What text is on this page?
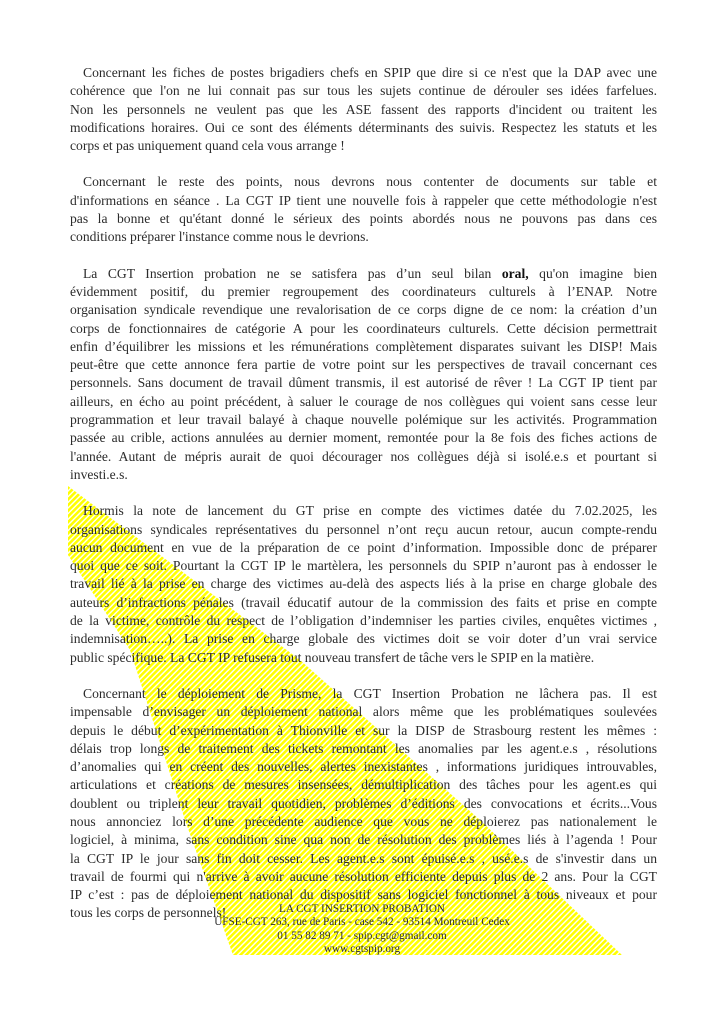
Concernant les fiches de postes brigadiers chefs en SPIP que dire si ce n'est que la DAP avec une
cohérence que l'on ne lui connait pas sur tous les sujets continue de dérouler ses idées farfelues.
Non les personnels ne veulent pas que les ASE fassent des rapports d'incident ou traitent les
modifications horaires. Oui ce sont des éléments déterminants des suivis. Respectez les statuts et les
corps et pas uniquement quand cela vous arrange !
Concernant le reste des points, nous devrons nous contenter de documents sur table et
d'informations en séance . La CGT IP tient une nouvelle fois à rappeler que cette méthodologie n'est
pas la bonne et qu'étant donné le sérieux des points abordés nous ne pouvons pas dans ces
conditions préparer l'instance comme nous le devrions.
La CGT Insertion probation ne se satisfera pas d’un seul bilan oral, qu'on imagine bien
évidemment positif, du premier regroupement des coordinateurs culturels à l’ENAP. Notre
organisation syndicale revendique une revalorisation de ce corps digne de ce nom: la création d’un
corps de fonctionnaires de catégorie A pour les coordinateurs culturels. Cette décision permettrait
enfin d’équilibrer les missions et les rémunérations complètement disparates suivant les DISP! Mais
peut-être que cette annonce fera partie de votre point sur les perspectives de travail concernant ces
personnels. Sans document de travail dûment transmis, il est autorisé de rêver ! La CGT IP tient par
ailleurs, en écho au point précédent, à saluer le courage de nos collègues qui voient sans cesse leur
programmation et leur travail balayé à chaque nouvelle polémique sur les activités. Programmation
passée au crible, actions annulées au dernier moment, remontée pour la 8e fois des fiches actions de
l'année. Autant de mépris aurait de quoi décourager nos collègues déjà si isolé.e.s et pourtant si
investi.e.s.
Hormis la note de lancement du GT prise en compte des victimes datée du 7.02.2025, les
organisations syndicales représentatives du personnel n’ont reçu aucun retour, aucun compte-rendu
aucun document en vue de la préparation de ce point d’information. Impossible donc de préparer
quoi que ce soit. Pourtant la CGT IP le martèlera, les personnels du SPIP n’auront pas à endosser le
travail lié à la prise en charge des victimes au-delà des aspects liés à la prise en charge globale des
auteurs d’infractions pénales (travail éducatif autour de la commission des faits et prise en compte
de la victime, contrôle du respect de l’obligation d’indemniser les parties civiles, enquêtes victimes ,
indemnisation…..). La prise en charge globale des victimes doit se voir doter d’un vrai service
public spécifique. La CGT IP refusera tout nouveau transfert de tâche vers le SPIP en la matière.
Concernant le déploiement de Prisme, la CGT Insertion Probation ne lâchera pas. Il est
impensable d’envisager un déploiement national alors même que les problématiques soulevées
depuis le début d’expérimentation à Thionville et sur la DISP de Strasbourg restent les mêmes :
délais trop longs de traitement des tickets remontant les anomalies par les agent.e.s , résolutions
d’anomalies qui en créent des nouvelles, alertes inexistantes , informations juridiques introuvables,
articulations et créations de mesures insensées, démultiplication des tâches pour les agent.es qui
doublent ou triplent leur travail quotidien, problèmes d’éditions des convocations et écrits...Vous
nous annonciez lors d’une précédente audience que vous ne déploierez pas nationalement le
logiciel, à minima, sans condition sine qua non de résolution des problèmes liés à l’agenda ! Pour
la CGT IP le jour sans fin doit cesser. Les agent.e.s sont épuisé.e.s , usé.e.s de s'investir dans un
travail de fourmi qui n'arrive à avoir aucune résolution efficiente depuis plus de 2 ans. Pour la CGT
IP c’est : pas de déploiement national du dispositif sans logiciel fonctionnel à tous niveaux et pour
tous les corps de personnels!	LA CGT INSERTION PROBATION
UFSE-CGT 263, rue de Paris - case 542 - 93514 Montreuil Cedex
01 55 82 89 71 - spip.cgt@gmail.com
www.cgtspip.org
